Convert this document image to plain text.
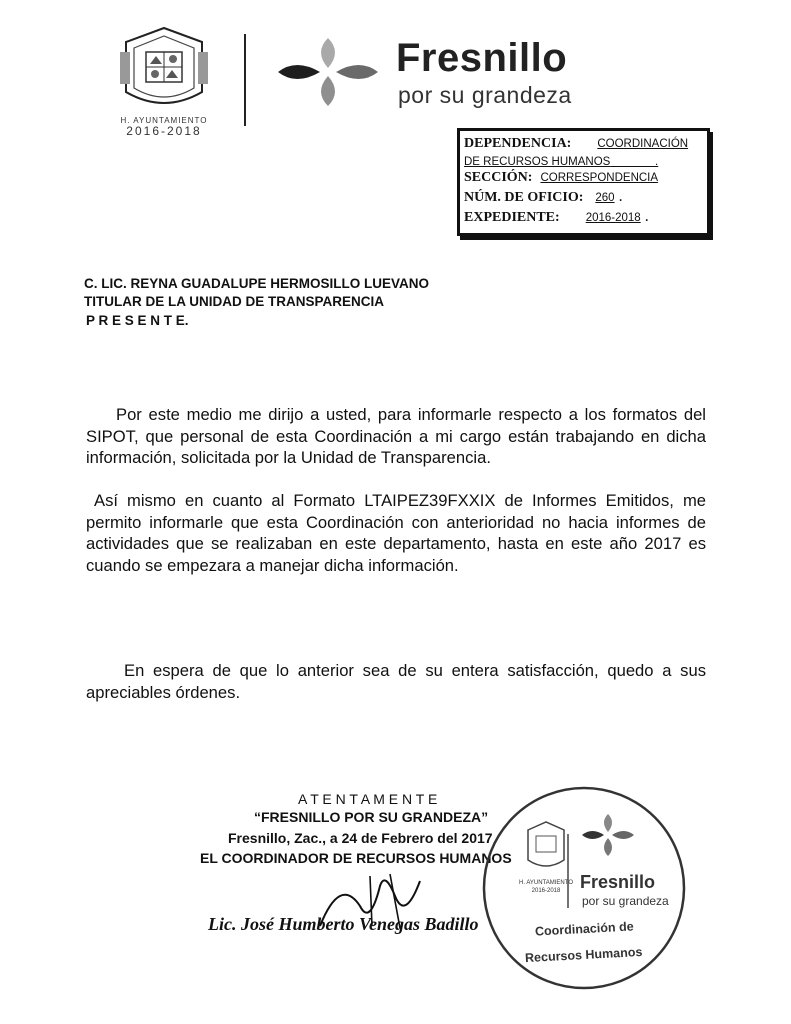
H. AYUNTAMIENTO
2016-2018
Fresnillo
por su grandeza
DEPENDENCIA: COORDINACIÓN
DE RECURSOS HUMANOS              .
SECCIÓN: CORRESPONDENCIA
NÚM. DE OFICIO: 260 .
EXPEDIENTE: 2016-2018 .
C. LIC. REYNA GUADALUPE HERMOSILLO LUEVANO
TITULAR DE LA UNIDAD DE TRANSPARENCIA
P R E S E N T E.
Por este medio me dirijo a usted, para informarle respecto a los formatos del SIPOT, que personal de esta Coordinación a mi cargo están trabajando en dicha información, solicitada por la Unidad de Transparencia.
Así mismo en cuanto al Formato LTAIPEZ39FXXIX de Informes Emitidos, me permito informarle que esta Coordinación con anterioridad no hacia informes de actividades que se realizaban en este departamento, hasta en este año 2017 es cuando se empezara a manejar dicha información.
En espera de que lo anterior sea de su entera satisfacción, quedo a sus apreciables órdenes.
A T E N T A M E N T E
“FRESNILLO POR SU GRANDEZA”
Fresnillo, Zac., a 24 de Febrero del 2017
EL COORDINADOR DE RECURSOS HUMANOS
Lic. José Humberto Venegas Badillo
H. AYUNTAMIENTO
2016-2018 Fresnillo
por su grandeza
Coordinación de
Recursos Humanos
